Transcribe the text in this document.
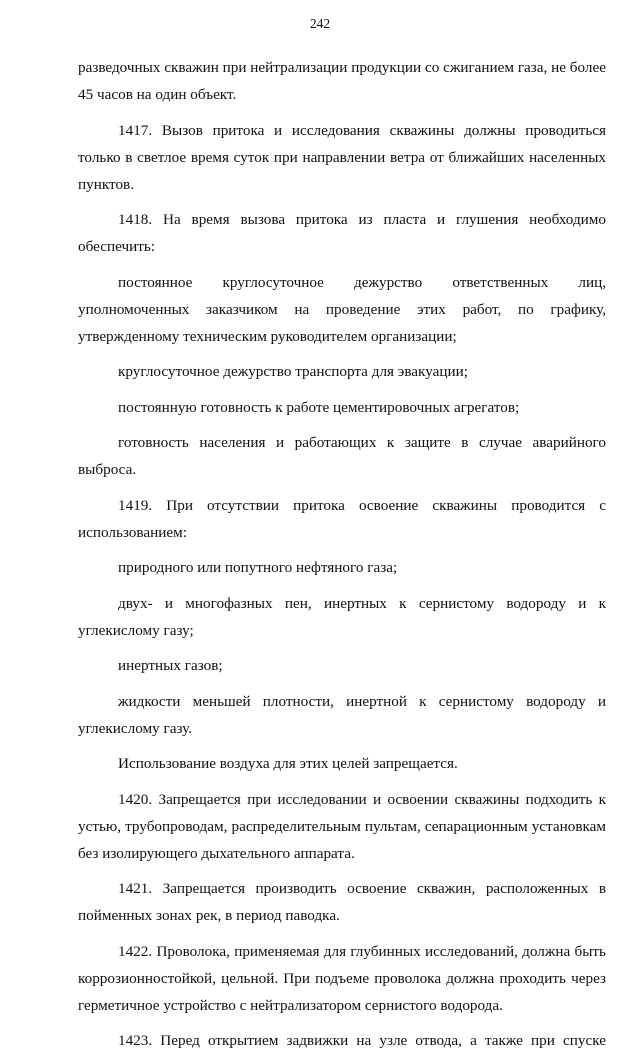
242

разведочных скважин при нейтрализации продукции со сжиганием газа, не более 45 часов на один объект.

1417. Вызов притока и исследования скважины должны проводиться только в светлое время суток при направлении ветра от ближайших населенных пунктов.

1418. На время вызова притока из пласта и глушения необходимо обеспечить:

постоянное круглосуточное дежурство ответственных лиц, уполномоченных заказчиком на проведение этих работ, по графику, утвержденному техническим руководителем организации;

круглосуточное дежурство транспорта для эвакуации;

постоянную готовность к работе цементировочных агрегатов;

готовность населения и работающих к защите в случае аварийного выброса.

1419. При отсутствии притока освоение скважины проводится с использованием:

природного или попутного нефтяного газа;

двух- и многофазных пен, инертных к сернистому водороду и к углекислому газу;

инертных газов;

жидкости меньшей плотности, инертной к сернистому водороду и углекислому газу.

Использование воздуха для этих целей запрещается.

1420. Запрещается при исследовании и освоении скважины подходить к устью, трубопроводам, распределительным пультам, сепарационным установкам без изолирующего дыхательного аппарата.

1421. Запрещается производить освоение скважин, расположенных в пойменных зонах рек, в период паводка.

1422. Проволока, применяемая для глубинных исследований, должна быть коррозионностойкой, цельной. При подъеме проволока должна проходить через герметичное устройство с нейтрализатором сернистого водорода.

1423. Перед открытием задвижки на узле отвода, а также при спуске
